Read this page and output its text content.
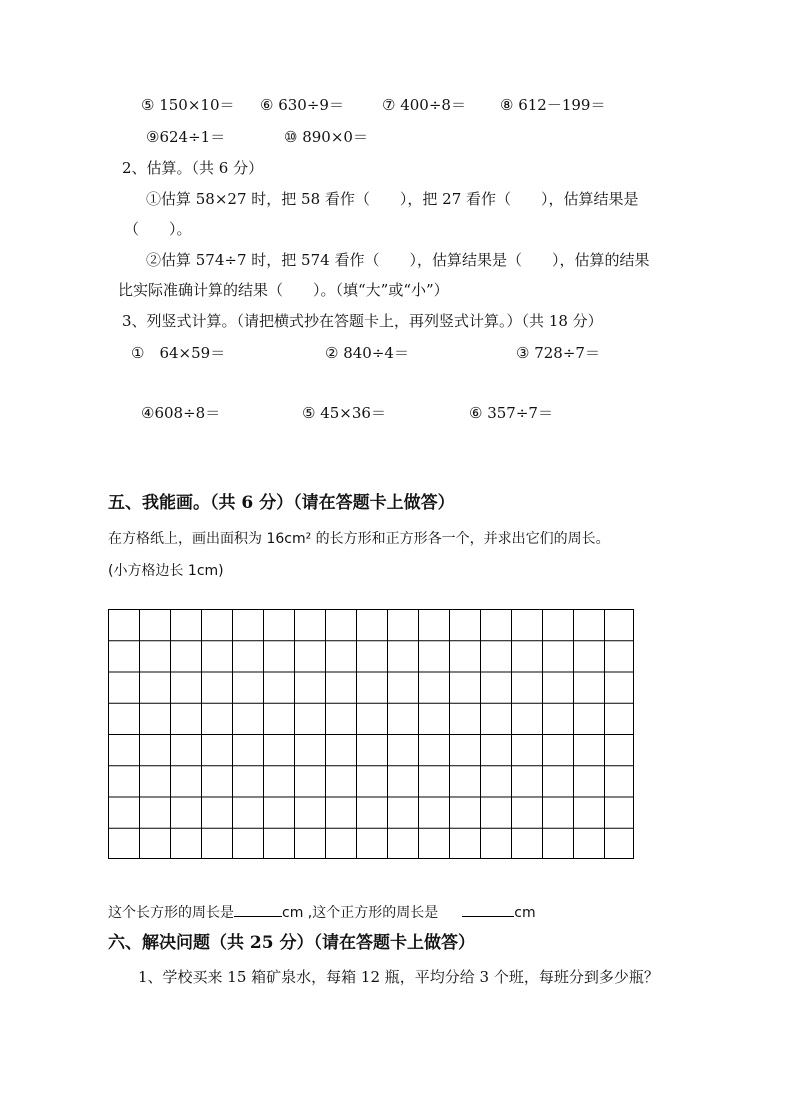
⑤ 150×10＝ ⑥ 630÷9＝	⑦ 400÷8＝ ⑧ 612－199＝
⑨624÷1＝	⑩ 890×0＝
2、估算。（共 6 分）
①估算 58×27 时，把 58 看作（　　），把 27 看作（　　），估算结果是
（　　）。
②估算 574÷7 时，把 574 看作（　　），估算结果是（　　），估算的结果
比实际准确计算的结果（　　）。（填“大”或“小”）
3、列竖式计算。（请把横式抄在答题卡上，再列竖式计算。）（共 18 分）
①　64×59＝	② 840÷4＝	③ 728÷7＝
④608÷8＝	⑤ 45×36＝	⑥ 357÷7＝
五、我能画。（共 6 分）（请在答题卡上做答）
在方格纸上，画出面积为 16cm² 的长方形和正方形各一个，并求出它们的周长。
(小方格边长 1cm)
这个长方形的周长是	cm ,这个正方形的周长是	cm
六、解决问题（共 25 分）（请在答题卡上做答）
1、学校买来 15 箱矿泉水，每箱 12 瓶，平均分给 3 个班，每班分到多少瓶？
